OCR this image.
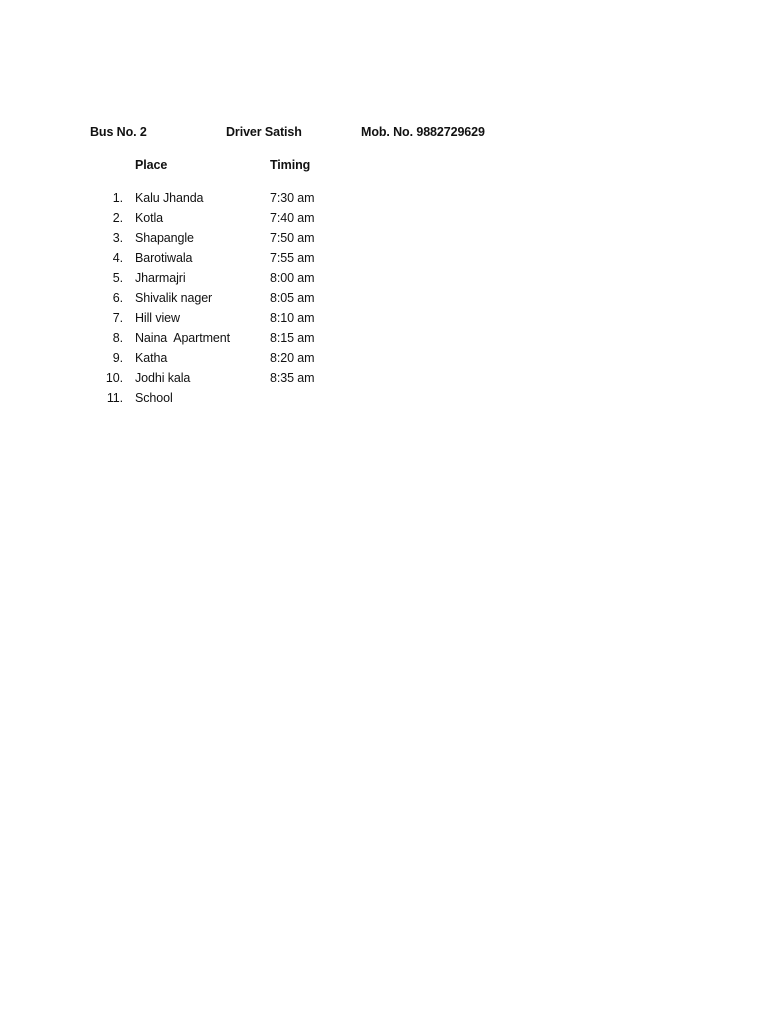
Bus No. 2	Driver Satish	Mob. No. 9882729629
Place	Timing
1. Kalu Jhanda	7:30 am
2. Kotla	7:40 am
3. Shapangle	7:50 am
4. Barotiwala	7:55 am
5. Jharmajri	8:00 am
6. Shivalik nager	8:05 am
7. Hill view	8:10 am
8. Naina  Apartment	8:15 am
9. Katha	8:20 am
10. Jodhi kala	8:35 am
11. School
